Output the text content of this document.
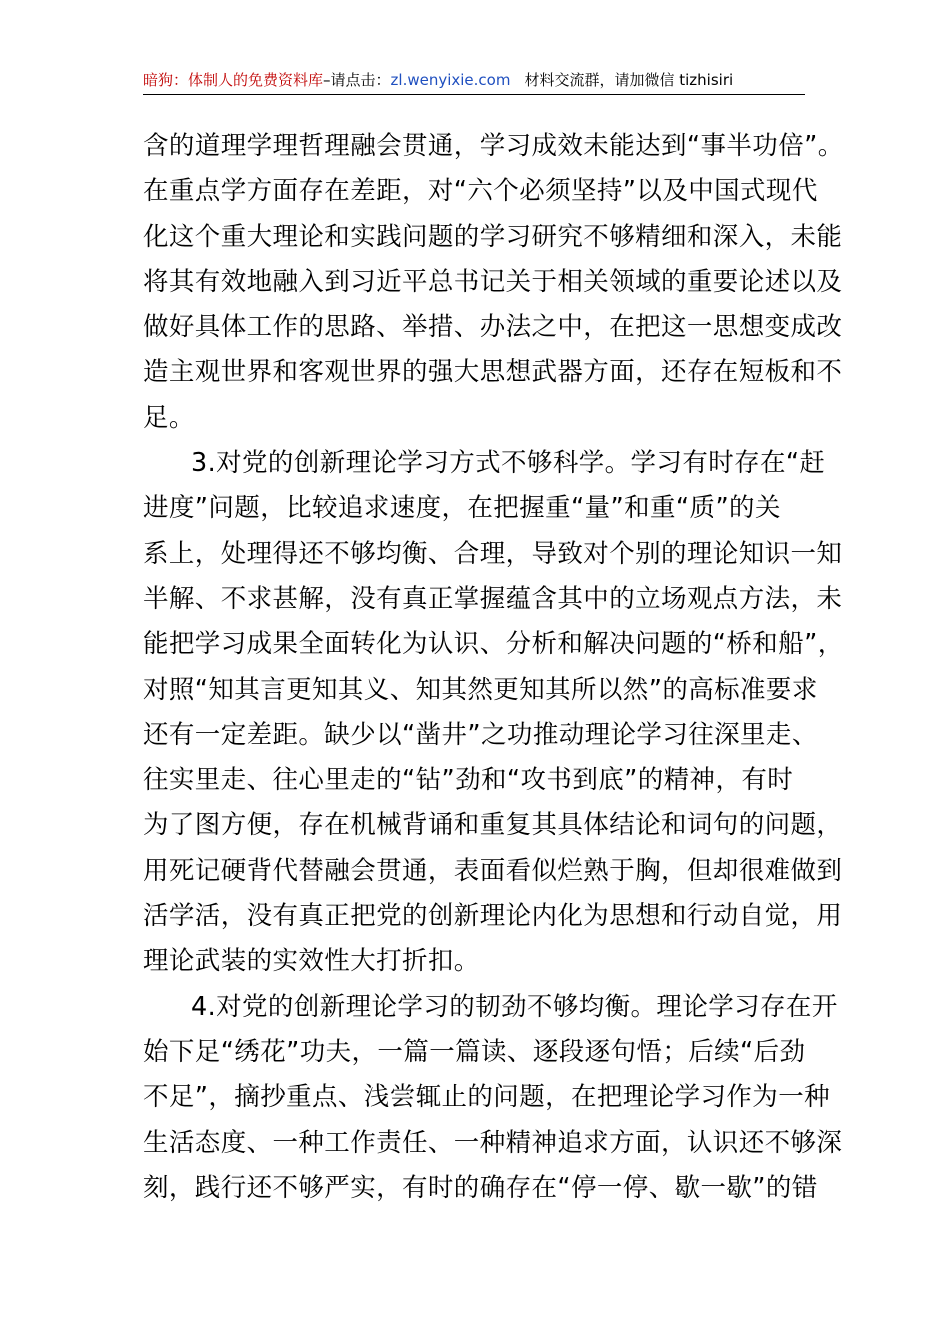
暗狗：体制人的免费资料库–请点击：zl.wenyixie.com 材料交流群，请加微信 tizhisiri
含的道理学理哲理融会贯通，学习成效未能达到“事半功倍”。
在重点学方面存在差距，对“六个必须坚持”以及中国式现代
化这个重大理论和实践问题的学习研究不够精细和深入，未能
将其有效地融入到习近平总书记关于相关领域的重要论述以及
做好具体工作的思路、举措、办法之中，在把这一思想变成改
造主观世界和客观世界的强大思想武器方面，还存在短板和不
足。
3.对党的创新理论学习方式不够科学。学习有时存在“赶
进度”问题，比较追求速度，在把握重“量”和重“质”的关
系上，处理得还不够均衡、合理，导致对个别的理论知识一知
半解、不求甚解，没有真正掌握蕴含其中的立场观点方法，未
能把学习成果全面转化为认识、分析和解决问题的“桥和船”，
对照“知其言更知其义、知其然更知其所以然”的高标准要求
还有一定差距。缺少以“凿井”之功推动理论学习往深里走、
往实里走、往心里走的“钻”劲和“攻书到底”的精神，有时
为了图方便，存在机械背诵和重复其具体结论和词句的问题，
用死记硬背代替融会贯通，表面看似烂熟于胸，但却很难做到
活学活，没有真正把党的创新理论内化为思想和行动自觉，用
理论武装的实效性大打折扣。
4.对党的创新理论学习的韧劲不够均衡。理论学习存在开
始下足“绣花”功夫，一篇一篇读、逐段逐句悟；后续“后劲
不足”，摘抄重点、浅尝辄止的问题，在把理论学习作为一种
生活态度、一种工作责任、一种精神追求方面，认识还不够深
刻，践行还不够严实，有时的确存在“停一停、歇一歇”的错
